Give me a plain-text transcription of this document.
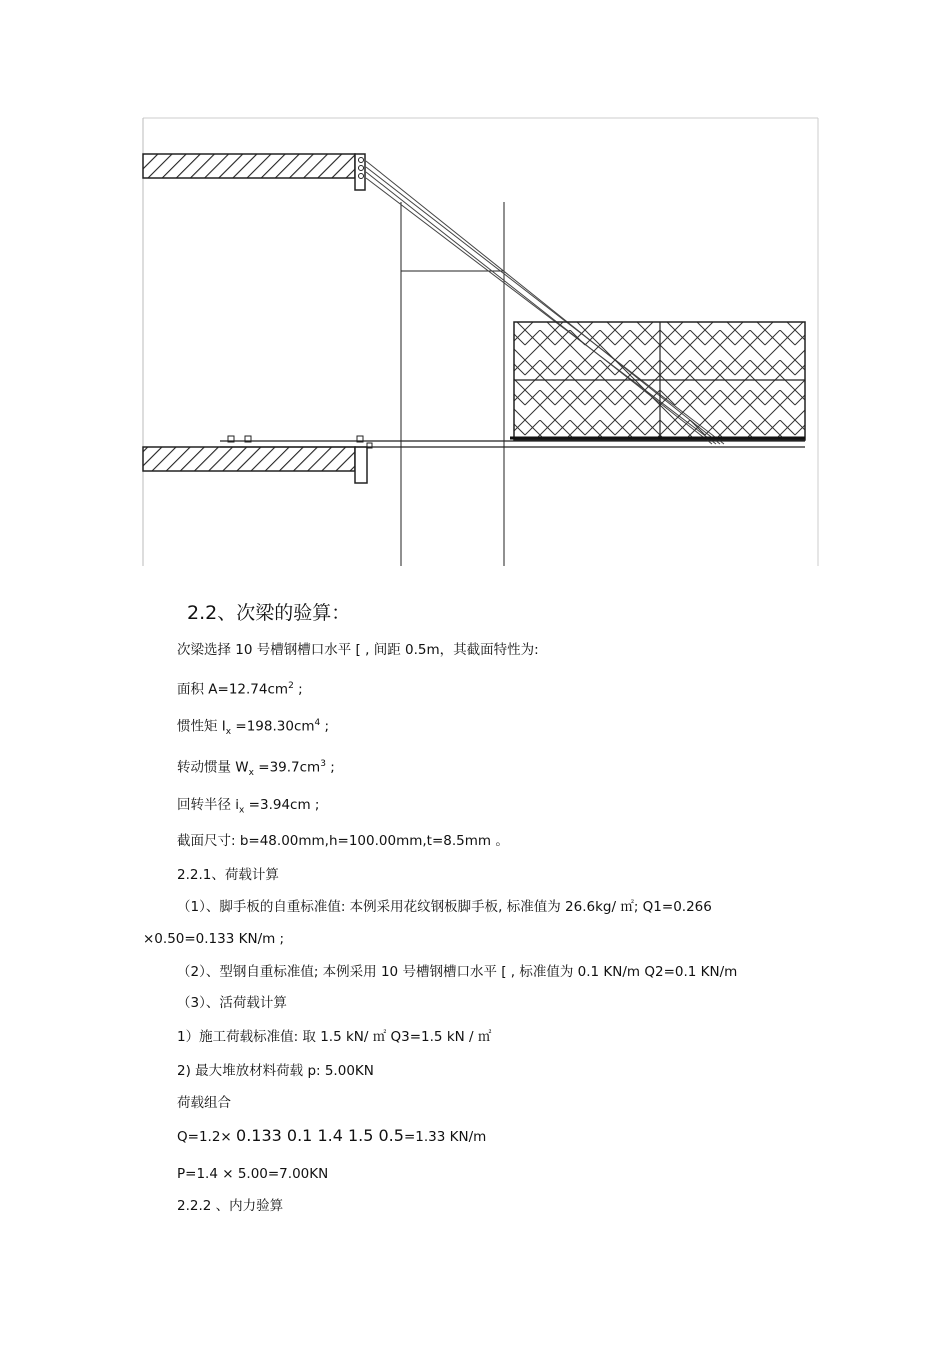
2.2、次梁的验算：
次梁选择 10 号槽钢槽口水平 [ , 间距 0.5m，其截面特性为:
面积 $A=12.74cm^2$ ;
惯性矩 $I_x =198.30cm^4$ ;
转动惯量 $W_x =39.7cm^3$ ;
回转半径 $i_x =3.94cm$ ;
截面尺寸: b=48.00mm,h=100.00mm,t=8.5mm 。
2.2.1、荷载计算
（1）、脚手板的自重标准值: 本例采用花纹钢板脚手板, 标准值为 26.6kg/ ㎡; Q1=0.266
×0.50=0.133 KN/m ;
（2）、型钢自重标准值; 本例采用 10 号槽钢槽口水平 [ , 标准值为 0.1 KN/m Q2=0.1 KN/m
（3）、活荷载计算
1）施工荷载标准值: 取 1.5 kN/ ㎡ Q3=1.5 kN / ㎡
2) 最大堆放材料荷载 p: 5.00KN
荷载组合
Q=1.2× 0.133 0.1 1.4 1.5 0.5=1.33 KN/m
P=1.4 × 5.00=7.00KN
2.2.2 、内力验算
